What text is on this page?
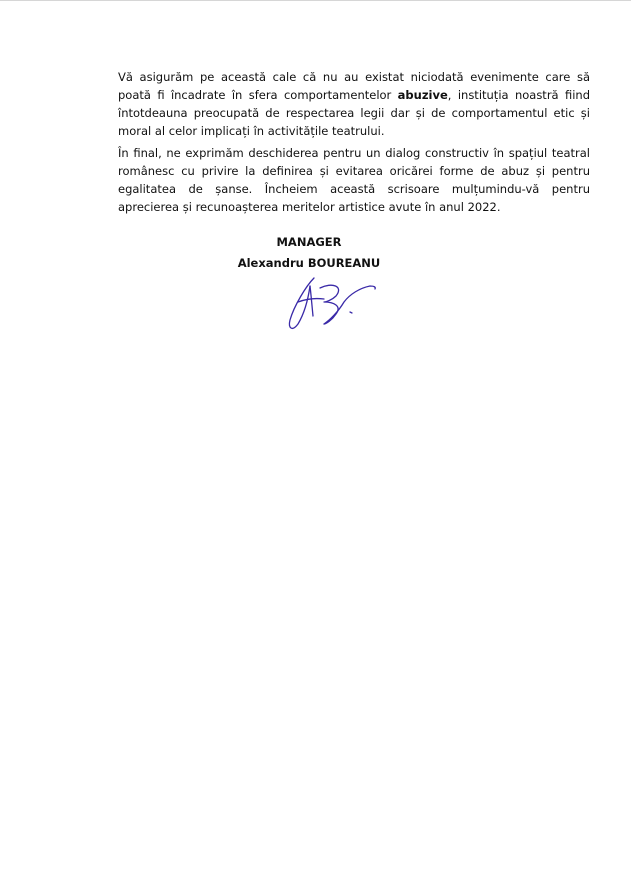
Vă asigurăm pe această cale că nu au existat niciodată evenimente care să poată fi încadrate în sfera comportamentelor abuzive, instituția noastră fiind întotdeauna preocupată de respectarea legii dar și de comportamentul etic și moral al celor implicați în activitățile teatrului.

În final, ne exprimăm deschiderea pentru un dialog constructiv în spațiul teatral românesc cu privire la definirea și evitarea oricărei forme de abuz și pentru egalitatea de șanse. Încheiem această scrisoare mulțumindu-vă pentru aprecierea și recunoașterea meritelor artistice avute în anul 2022.

MANAGER
Alexandru BOUREANU
